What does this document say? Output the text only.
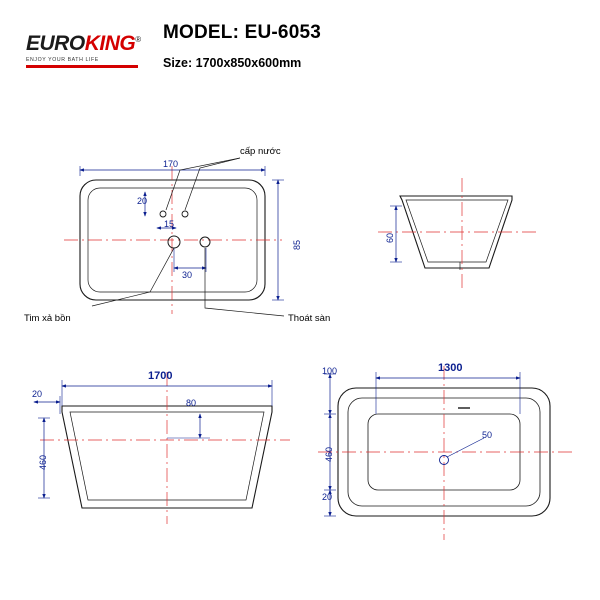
EUROKING®
ENJOY YOUR BATH LIFE
MODEL: EU-6053
Size: 1700x850x600mm
170
20
15
30
85
cấp nước
Tim xả bồn	Thoát sàn
60
1700
20
80
460
1300
100
460
20
50
